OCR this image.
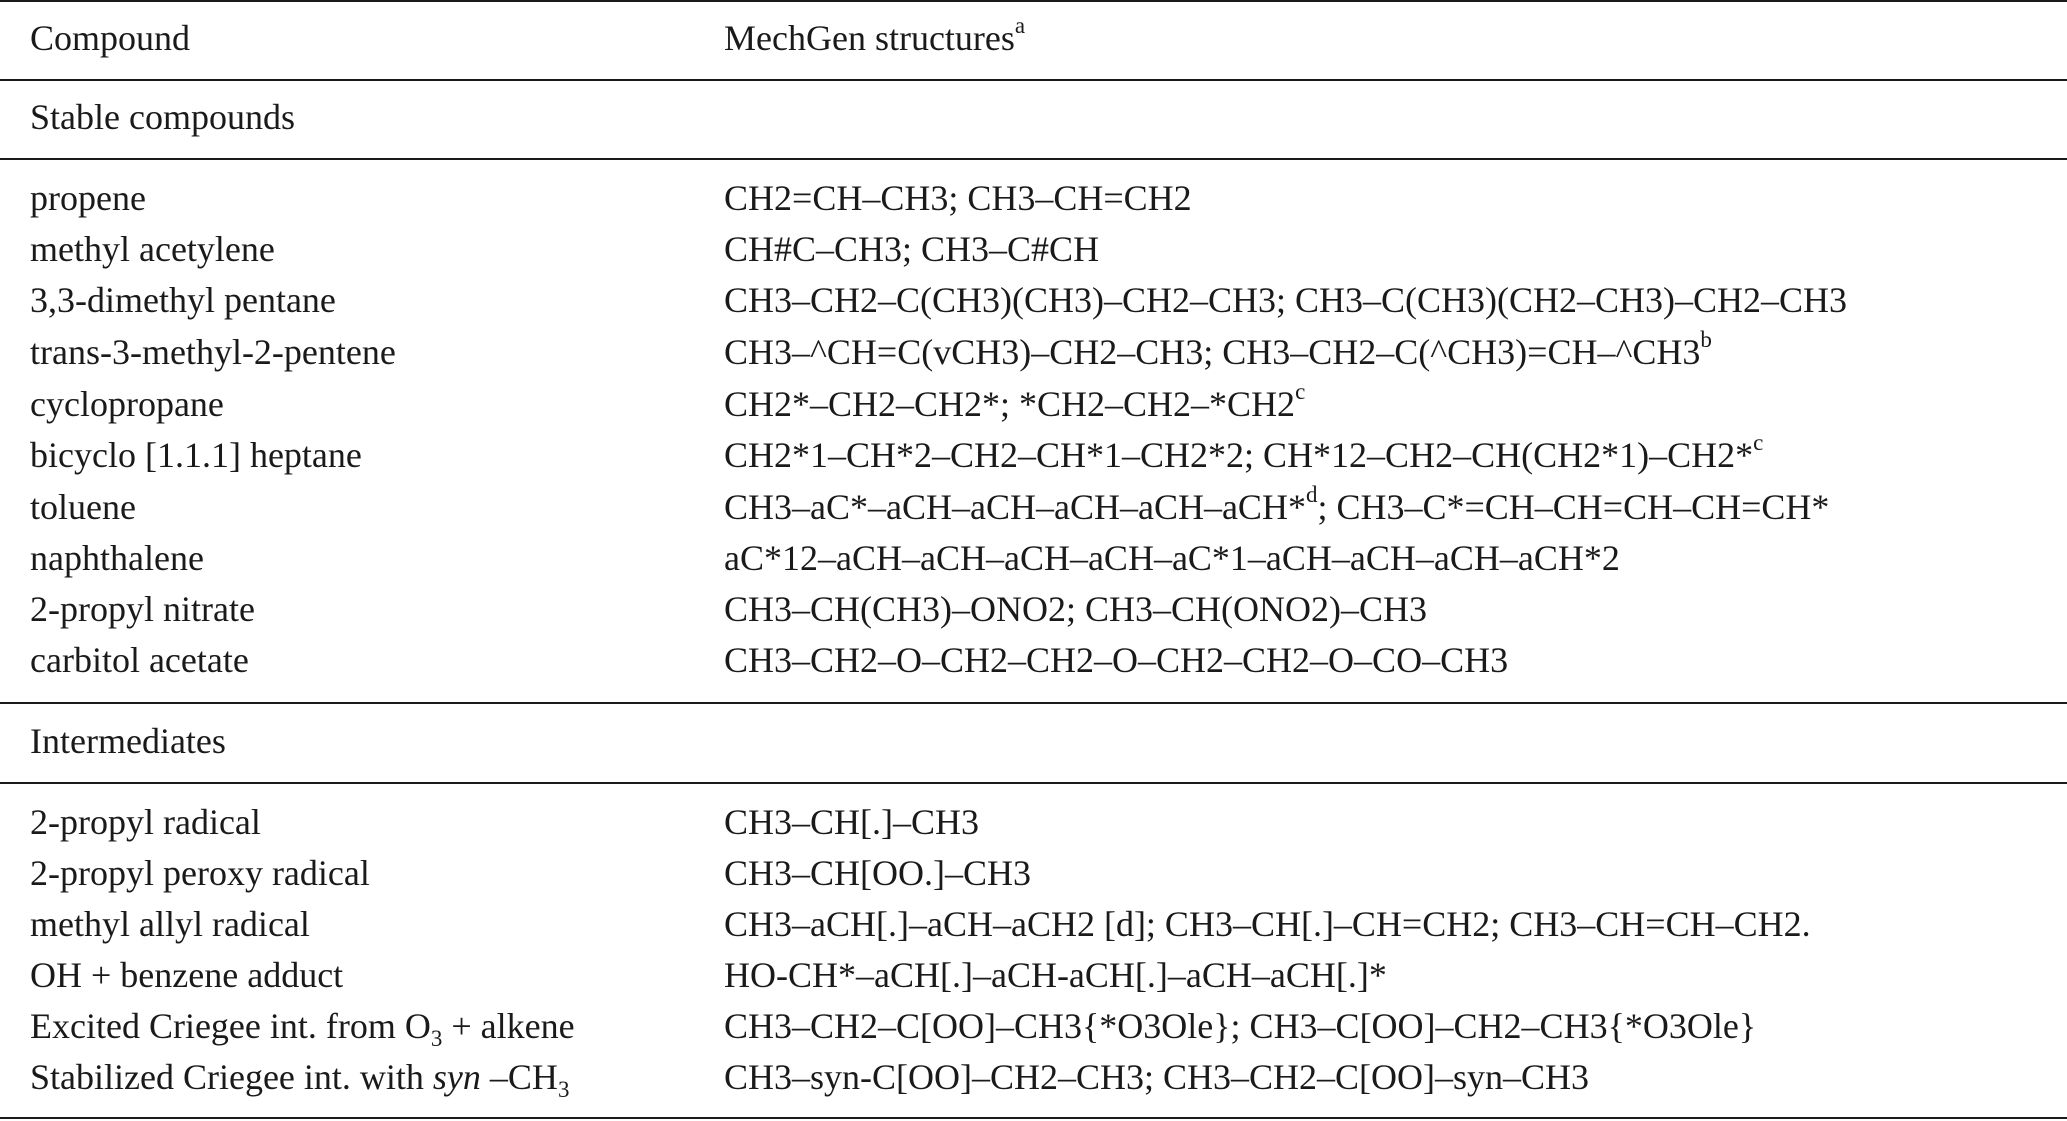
Compound	MechGen structures$^a$
Stable compounds
propene	CH2=CH–CH3; CH3–CH=CH2
methyl acetylene	CH#C–CH3; CH3–C#CH
3,3-dimethyl pentane	CH3–CH2–C(CH3)(CH3)–CH2–CH3; CH3–C(CH3)(CH2–CH3)–CH2–CH3
trans-3-methyl-2-pentene	CH3–^CH=C(vCH3)–CH2–CH3; $CH3-CH2-C(\^{}CH3)=CH-\^{}CH3^b$
cyclopropane	CH2*–CH2–CH2*; *CH2–CH2–*CH2$^c$
bicyclo [1.1.1] heptane	CH2*1–CH*2–CH2–CH*1–CH2*2; CH*12–CH2–CH(CH2*1)–CH2*$^c$
toluene	CH3–aC*–aCH–aCH–aCH–aCH–aCH*$^d$; CH3–C*=CH–CH=CH–CH=CH*
naphthalene	aC*12–aCH–aCH–aCH–aCH–aC*1–aCH–aCH–aCH–aCH*2
2-propyl nitrate	CH3–CH(CH3)–ONO2; CH3–CH(ONO2)–CH3
carbitol acetate	CH3–CH2–O–CH2–CH2–O–CH2–CH2–O–CO–CH3
Intermediates
2-propyl radical	CH3–CH[.]–CH3
2-propyl peroxy radical	CH3–CH[OO.]–CH3
methyl allyl radical	CH3–aCH[.]–aCH–aCH2 [d]; CH3–CH[.]–CH=CH2; CH3–CH=CH–CH2.
OH + benzene adduct	HO-CH*–aCH[.]–aCH-aCH[.]–aCH–aCH[.]*
Excited Criegee int. from $O_3$ + alkene	CH3–CH2–C[OO]–CH3{*O3Ole}; CH3–C[OO]–CH2–CH3{*O3Ole}
Stabilized Criegee int. with syn $-CH_3$	CH3–syn-C[OO]–CH2–CH3; CH3–CH2–C[OO]–syn–CH3
